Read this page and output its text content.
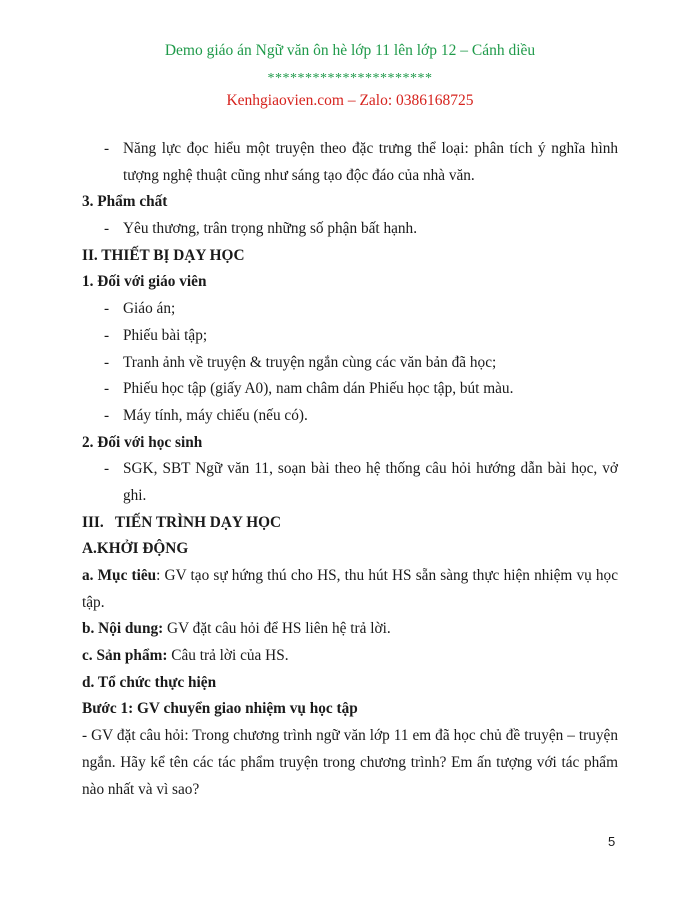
Demo giáo án Ngữ văn ôn hè lớp 11 lên lớp 12 – Cánh diều
**********************
Kenhgiaovien.com – Zalo: 0386168725
- Năng lực đọc hiểu một truyện theo đặc trưng thể loại: phân tích ý nghĩa hình
tượng nghệ thuật cũng như sáng tạo độc đáo của nhà văn.
3. Phẩm chất
- Yêu thương, trân trọng những số phận bất hạnh.
II. THIẾT BỊ DẠY HỌC
1. Đối với giáo viên
- Giáo án;
- Phiếu bài tập;
- Tranh ảnh về truyện & truyện ngắn cùng các văn bản đã học;
- Phiếu học tập (giấy A0), nam châm dán Phiếu học tập, bút màu.
- Máy tính, máy chiếu (nếu có).
2. Đối với học sinh
- SGK, SBT Ngữ văn 11, soạn bài theo hệ thống câu hỏi hướng dẫn bài học, vở
ghi.
III.   TIẾN TRÌNH DẠY HỌC
A.KHỞI ĐỘNG
a. Mục tiêu: GV tạo sự hứng thú cho HS, thu hút HS sẵn sàng thực hiện nhiệm vụ học
tập.
b. Nội dung: GV đặt câu hỏi để HS liên hệ trả lời.
c. Sản phẩm: Câu trả lời của HS.
d. Tổ chức thực hiện
Bước 1: GV chuyển giao nhiệm vụ học tập
- GV đặt câu hỏi: Trong chương trình ngữ văn lớp 11 em đã học chủ đề truyện – truyện
ngắn. Hãy kể tên các tác phẩm truyện trong chương trình? Em ấn tượng với tác phẩm
nào nhất và vì sao?
5
